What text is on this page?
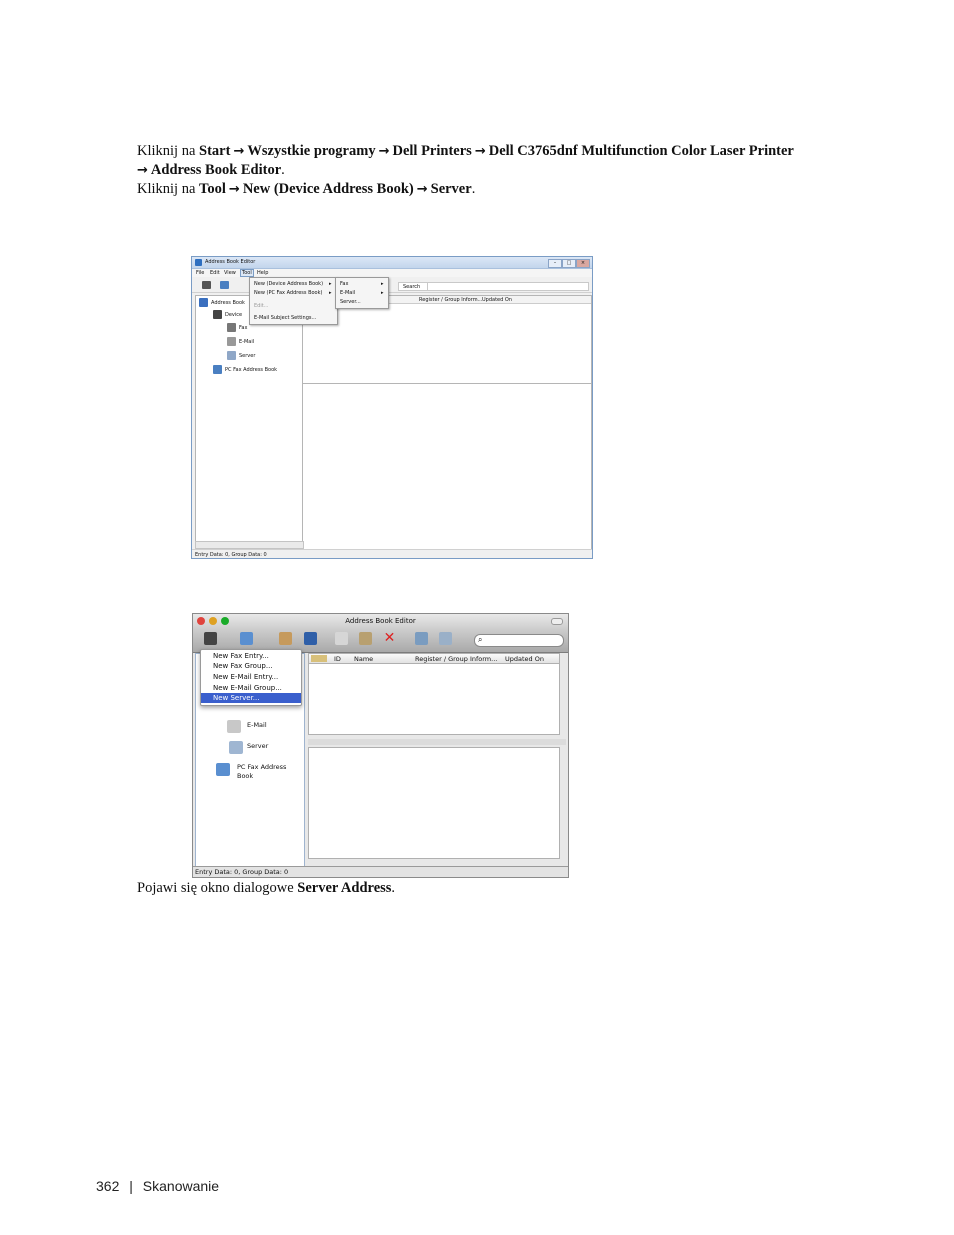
Kliknij na Start → Wszystkie programy → Dell Printers → Dell C3765dnf Multifunction Color Laser Printer
→ Address Book Editor.
Kliknij na Tool → New (Device Address Book) → Server.
Address Book Editor	–	□	×
File Edit View	Tool	Help
Search
Address Book
Device
Fax
E-Mail
Server
PC Fax Address Book
Register / Group Inform... Updated On
Entry Data: 0, Group Data: 0
New (Device Address Book) ▸
New (PC Fax Address Book) ▸
Edit...
E-Mail Subject Settings...
Fax	▸
E-Mail	▸
Server...
Address Book Editor
✕	⌕
E-Mail
Server
PC Fax Address
Book
ID Name	Register / Group Inform... Updated On
Entry Data: 0, Group Data: 0
New Fax Entry...
New Fax Group...
New E-Mail Entry...
New E-Mail Group...
New Server...
Pojawi się okno dialogowe Server Address.
362 | Skanowanie
